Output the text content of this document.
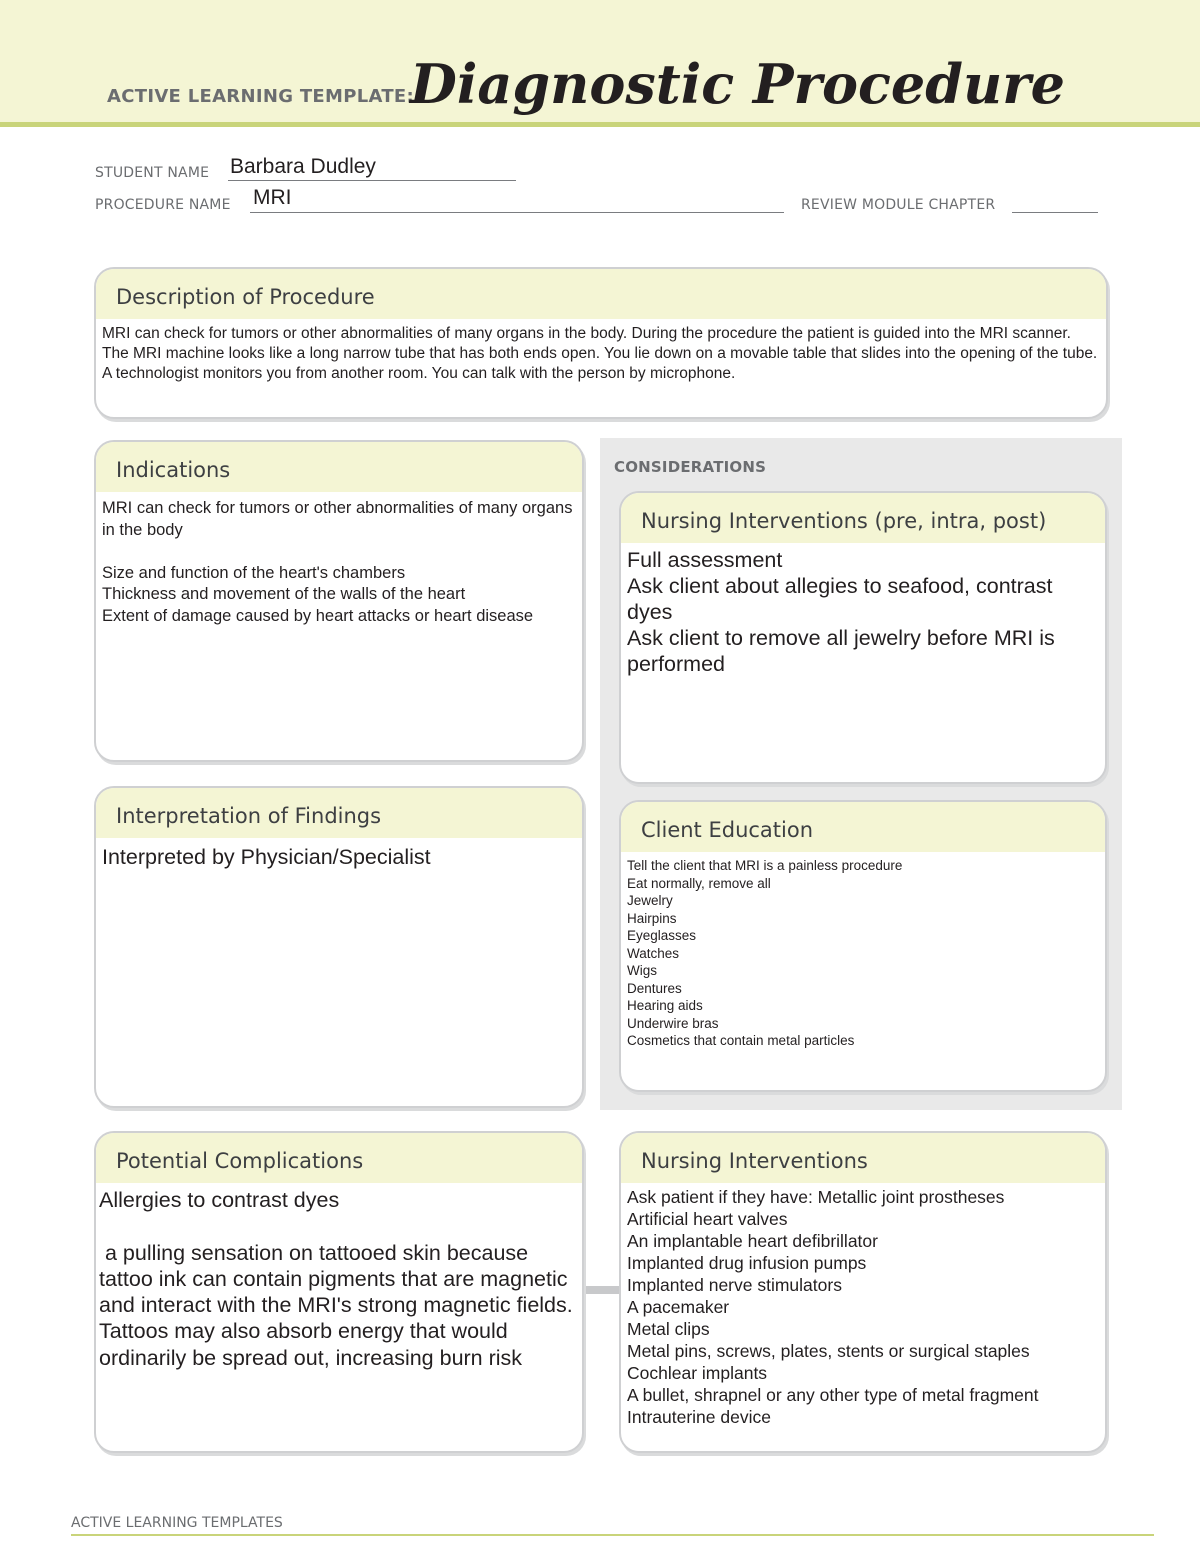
ACTIVE LEARNING TEMPLATE:
Diagnostic Procedure
STUDENT NAME Barbara Dudley
PROCEDURE NAME MRI	REVIEW MODULE CHAPTER
Description of Procedure
MRI can check for tumors or other abnormalities of many organs in the body. During the procedure the patient is guided into the MRI scanner. The MRI machine looks like a long narrow tube that has both ends open. You lie down on a movable table that slides into the opening of the tube. A technologist monitors you from another room. You can talk with the person by microphone.
CONSIDERATIONS
Indications
MRI can check for tumors or other abnormalities of many organs in the body

Size and function of the heart's chambers
Thickness and movement of the walls of the heart
Extent of damage caused by heart attacks or heart disease
Nursing Interventions (pre, intra, post)
Full assessment
Ask client about allegies to seafood, contrast dyes
Ask client to remove all jewelry before MRI is performed
Interpretation of Findings
Interpreted by Physician/Specialist
Client Education
Tell the client that MRI is a painless procedure
Eat normally, remove all
Jewelry
Hairpins
Eyeglasses
Watches
Wigs
Dentures
Hearing aids
Underwire bras
Cosmetics that contain metal particles
Potential Complications
Allergies to contrast dyes

a pulling sensation on tattooed skin because tattoo ink can contain pigments that are magnetic and interact with the MRI's strong magnetic fields. Tattoos may also absorb energy that would ordinarily be spread out, increasing burn risk
Nursing Interventions
Ask patient if they have: Metallic joint prostheses
Artificial heart valves
An implantable heart defibrillator
Implanted drug infusion pumps
Implanted nerve stimulators
A pacemaker
Metal clips
Metal pins, screws, plates, stents or surgical staples
Cochlear implants
A bullet, shrapnel or any other type of metal fragment
Intrauterine device
ACTIVE LEARNING TEMPLATES
